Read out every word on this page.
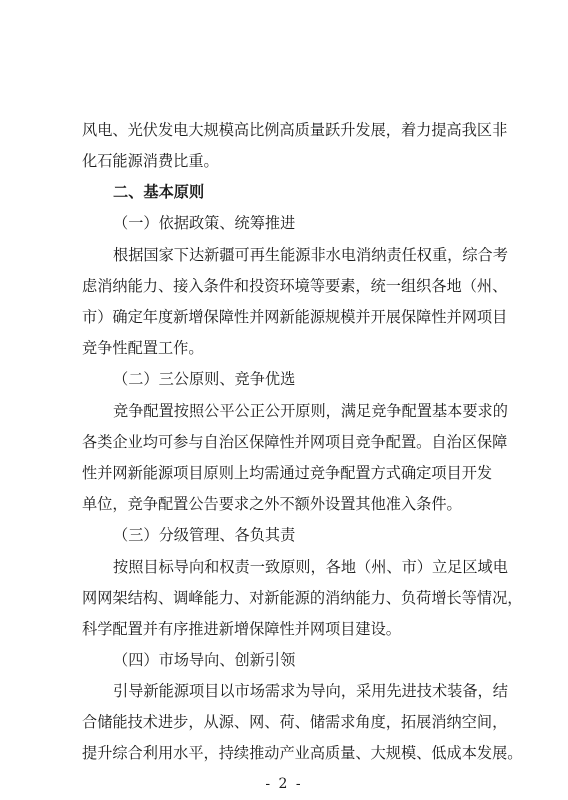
风电、光伏发电大规模高比例高质量跃升发展，着力提高我区非
化石能源消费比重。
二、基本原则
（一）依据政策、统筹推进
根据国家下达新疆可再生能源非水电消纳责任权重，综合考
虑消纳能力、接入条件和投资环境等要素，统一组织各地（州、
市）确定年度新增保障性并网新能源规模并开展保障性并网项目
竞争性配置工作。
（二）三公原则、竞争优选
竞争配置按照公平公正公开原则，满足竞争配置基本要求的
各类企业均可参与自治区保障性并网项目竞争配置。自治区保障
性并网新能源项目原则上均需通过竞争配置方式确定项目开发
单位，竞争配置公告要求之外不额外设置其他准入条件。
（三）分级管理、各负其责
按照目标导向和权责一致原则，各地（州、市）立足区域电
网网架结构、调峰能力、对新能源的消纳能力、负荷增长等情况，
科学配置并有序推进新增保障性并网项目建设。
（四）市场导向、创新引领
引导新能源项目以市场需求为导向，采用先进技术装备，结
合储能技术进步，从源、网、荷、储需求角度，拓展消纳空间，
提升综合利用水平，持续推动产业高质量、大规模、低成本发展。
- 2 -
